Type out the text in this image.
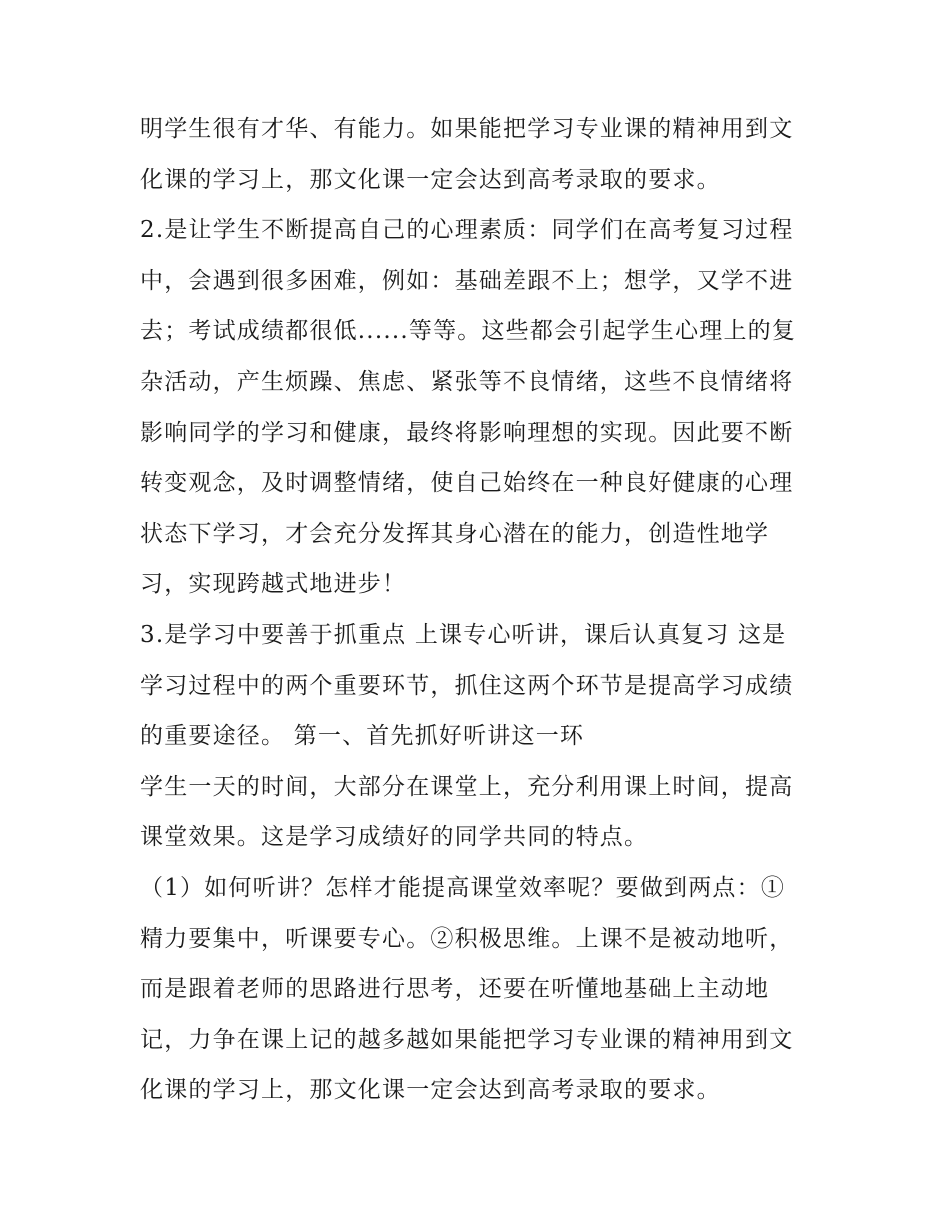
明学生很有才华、有能力。如果能把学习专业课的精神用到文
化课的学习上，那文化课一定会达到高考录取的要求。
2.是让学生不断提高自己的心理素质：同学们在高考复习过程
中，会遇到很多困难，例如：基础差跟不上；想学，又学不进
去；考试成绩都很低......等等。这些都会引起学生心理上的复
杂活动，产生烦躁、焦虑、紧张等不良情绪，这些不良情绪将
影响同学的学习和健康，最终将影响理想的实现。因此要不断
转变观念，及时调整情绪，使自己始终在一种良好健康的心理
状态下学习，才会充分发挥其身心潜在的能力，创造性地学
习，实现跨越式地进步！
3.是学习中要善于抓重点 上课专心听讲，课后认真复习 这是
学习过程中的两个重要环节，抓住这两个环节是提高学习成绩
的重要途径。 第一、首先抓好听讲这一环
学生一天的时间，大部分在课堂上，充分利用课上时间，提高
课堂效果。这是学习成绩好的同学共同的特点。
（1）如何听讲？怎样才能提高课堂效率呢？要做到两点：①
精力要集中，听课要专心。②积极思维。上课不是被动地听，
而是跟着老师的思路进行思考，还要在听懂地基础上主动地
记，力争在课上记的越多越如果能把学习专业课的精神用到文
化课的学习上，那文化课一定会达到高考录取的要求。
